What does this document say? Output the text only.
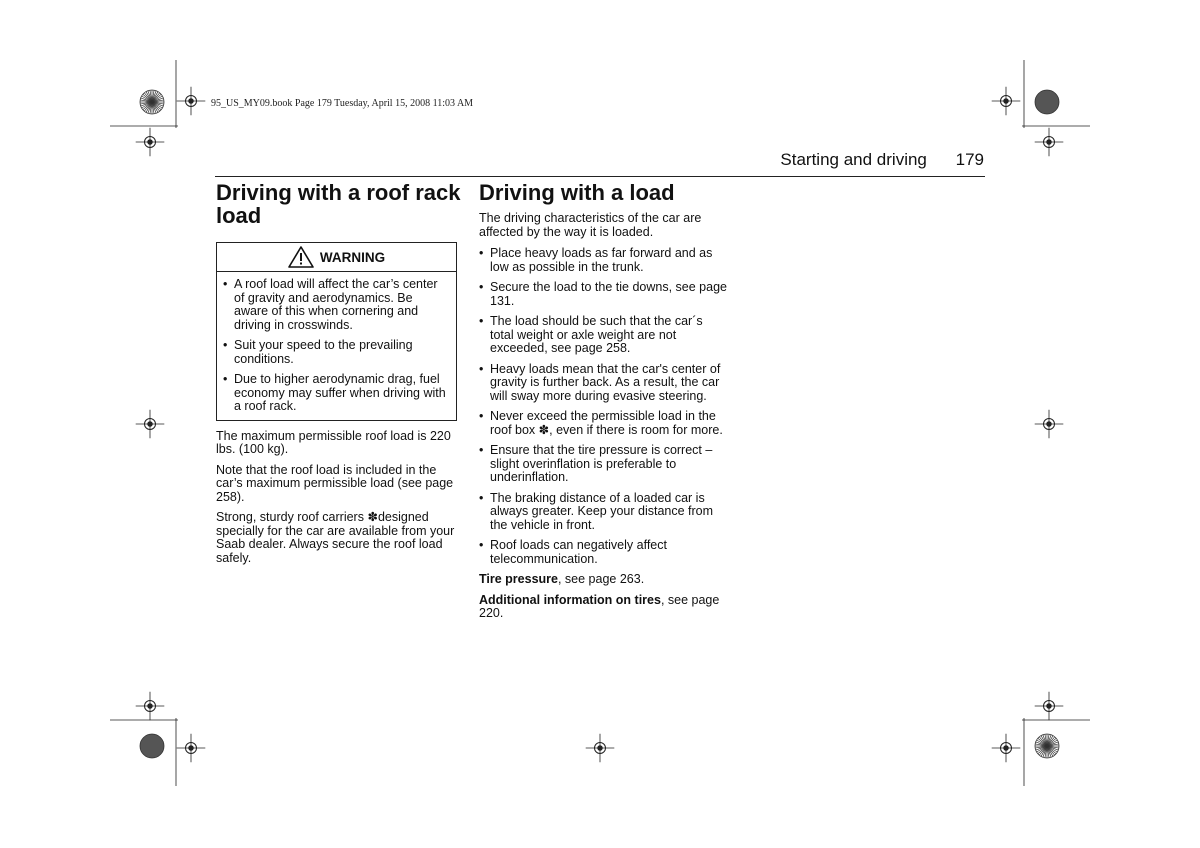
95_US_MY09.book Page 179 Tuesday, April 15, 2008 11:03 AM
Starting and driving 179
Driving with a roof rack load
WARNING
• A roof load will affect the car’s center of gravity and aerodynamics. Be aware of this when cornering and driving in crosswinds.
• Suit your speed to the prevailing conditions.
• Due to higher aerodynamic drag, fuel economy may suffer when driving with a roof rack.

The maximum permissible roof load is 220 lbs. (100 kg).

Note that the roof load is included in the car’s maximum permissible load (see page 258).

Strong, sturdy roof carriers ✽designed specially for the car are available from your Saab dealer. Always secure the roof load safely.

Driving with a load

The driving characteristics of the car are affected by the way it is loaded.

• Place heavy loads as far forward and as low as possible in the trunk.
• Secure the load to the tie downs, see page 131.
• The load should be such that the car´s total weight or axle weight are not exceeded, see page 258.
• Heavy loads mean that the car's center of gravity is further back. As a result, the car will sway more during evasive steering.
• Never exceed the permissible load in the roof box ✽, even if there is room for more.
• Ensure that the tire pressure is correct – slight overinflation is preferable to underinflation.
• The braking distance of a loaded car is always greater. Keep your distance from the vehicle in front.
• Roof loads can negatively affect telecommunication.

Tire pressure, see page 263.

Additional information on tires, see page 220.
